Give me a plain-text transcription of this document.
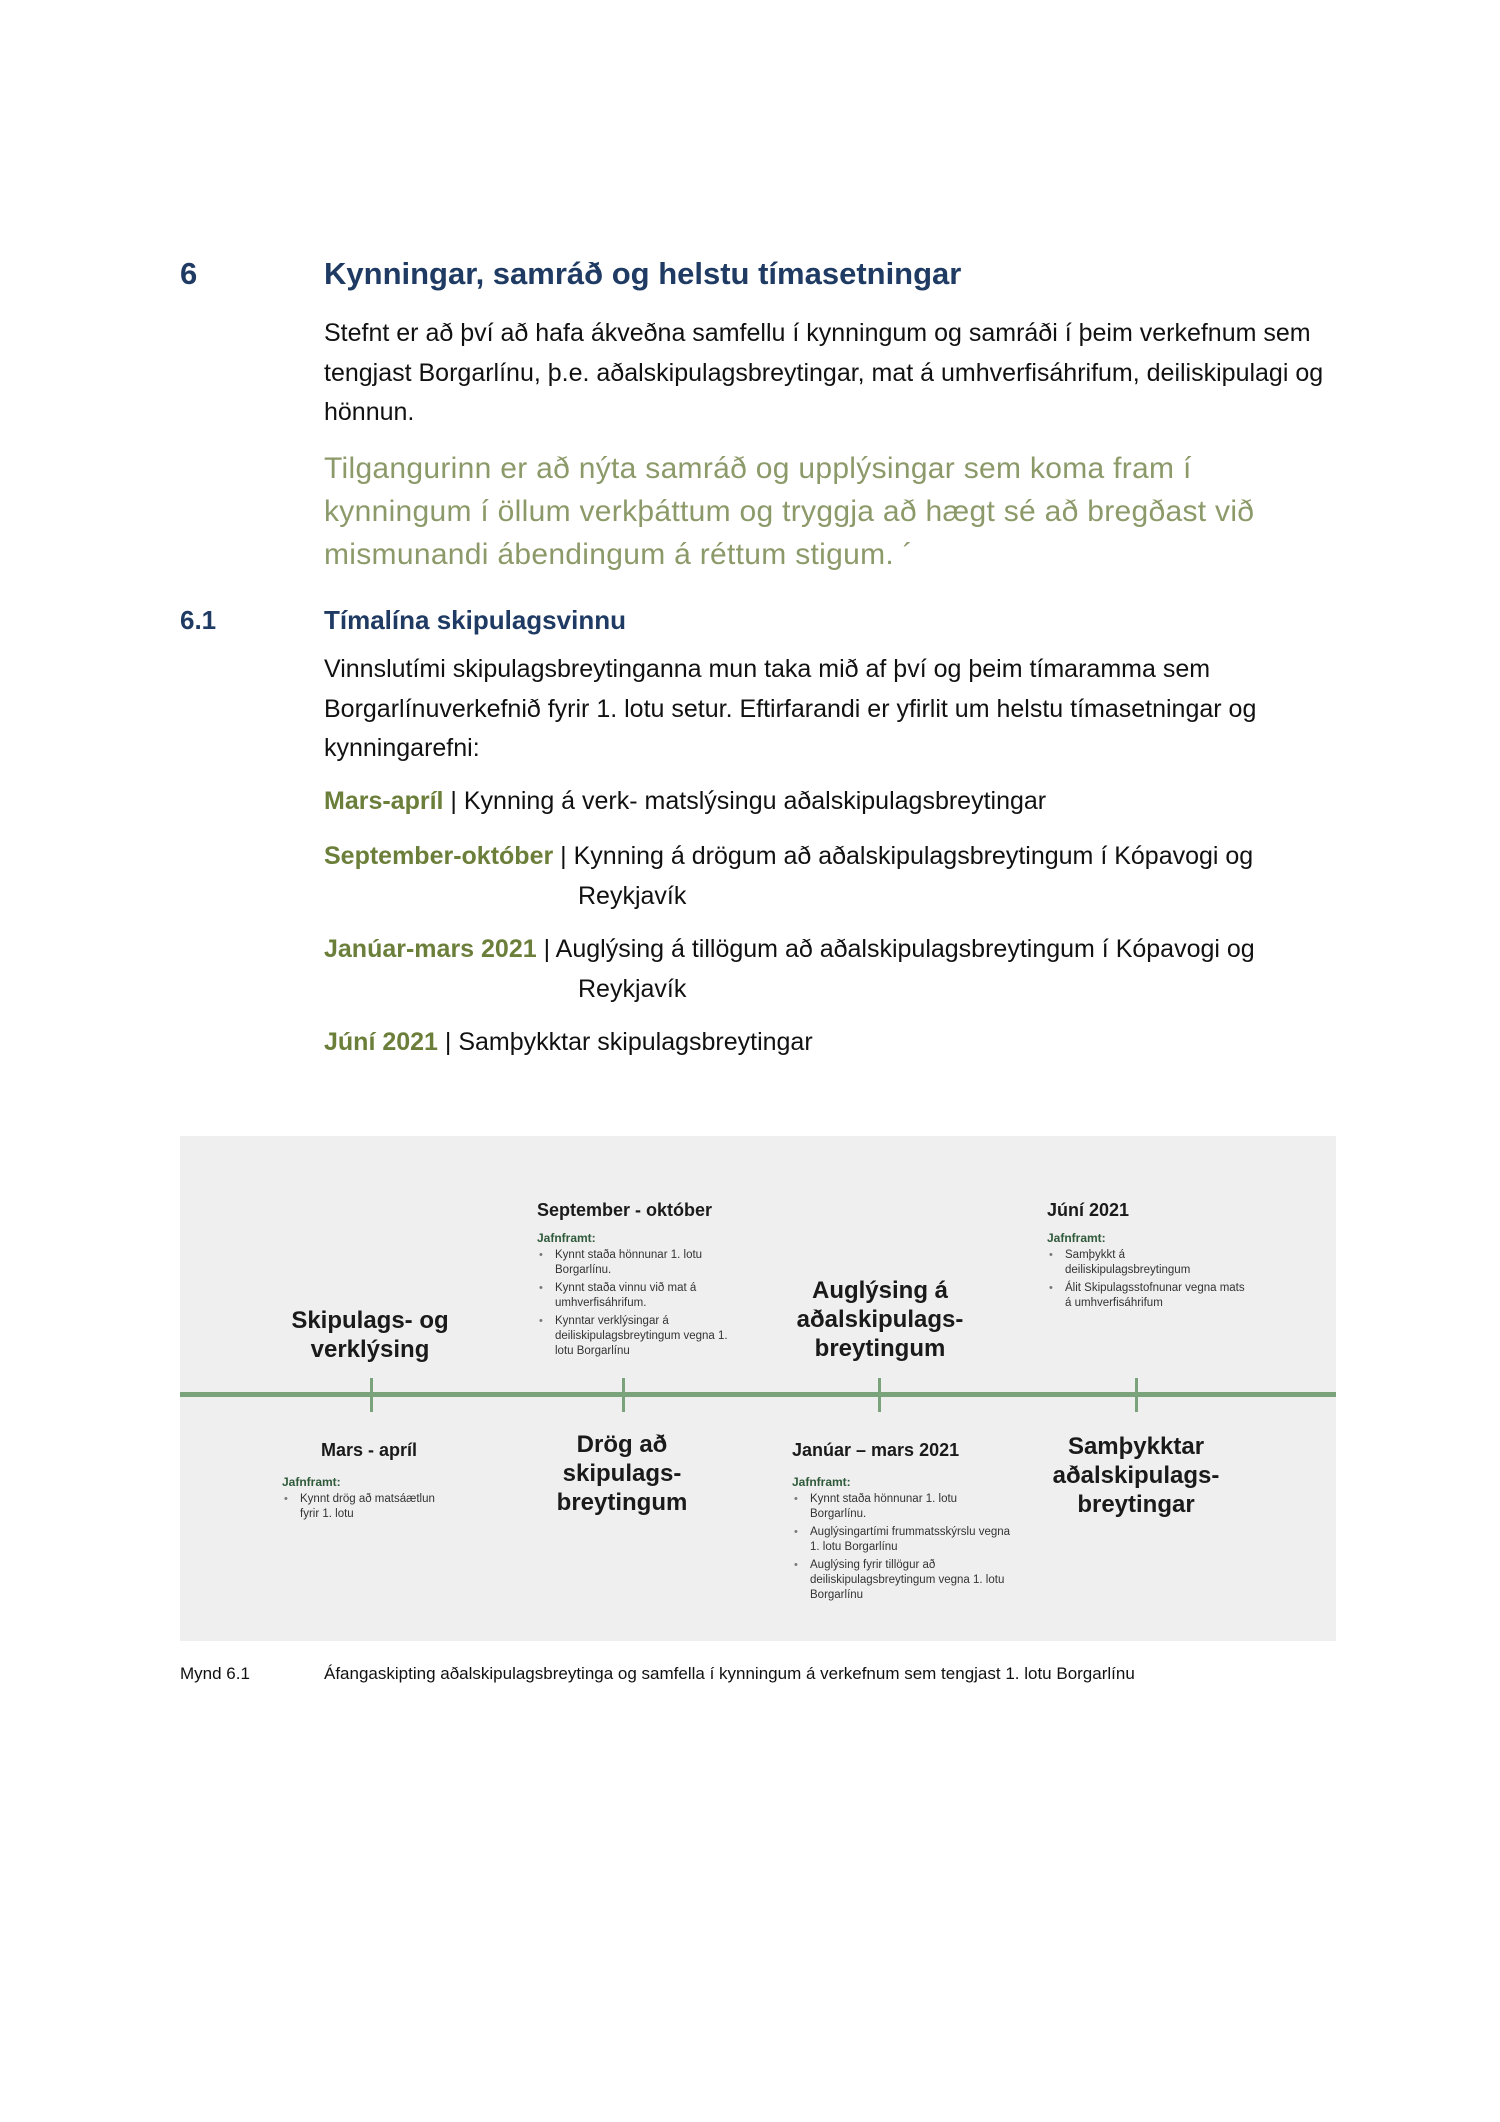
6	Kynningar, samráð og helstu tímasetningar
Stefnt er að því að hafa ákveðna samfellu í kynningum og samráði í þeim verkefnum sem tengjast Borgarlínu, þ.e. aðalskipulagsbreytingar, mat á umhverfisáhrifum, deiliskipulagi og hönnun.
Tilgangurinn er að nýta samráð og upplýsingar sem koma fram í kynningum í öllum verkþáttum og tryggja að hægt sé að bregðast við mismunandi ábendingum á réttum stigum. ´
6.1	Tímalína skipulagsvinnu
Vinnslutími skipulagsbreytinganna mun taka mið af því og þeim tímaramma sem Borgarlínuverkefnið fyrir 1. lotu setur. Eftirfarandi er yfirlit um helstu tímasetningar og kynningarefni:
Mars-apríl | Kynning á verk- matslýsingu aðalskipulagsbreytingar
September-október | Kynning á drögum að aðalskipulagsbreytingum í Kópavogi og
Reykjavík
Janúar-mars 2021 | Auglýsing á tillögum að aðalskipulagsbreytingum í Kópavogi og
Reykjavík
Júní 2021 | Samþykktar skipulagsbreytingar
September - október
Jafnframt:
• Kynnt staða hönnunar 1. lotu Borgarlínu.
• Kynnt staða vinnu við mat á umhverfisáhrifum.
• Kynntar verklýsingar á deiliskipulagsbreytingum vegna 1. lotu Borgarlínu
Júní 2021
Jafnframt:
• Samþykkt á deiliskipulagsbreytingum
• Álit Skipulagsstofnunar vegna mats á umhverfisáhrifum
Skipulags- og
verklýsing
Auglýsing á
aðalskipulags-
breytingum
Mars - apríl
Jafnframt:
• Kynnt drög að matsáætlun fyrir 1. lotu
Drög að
skipulags-
breytingum
Janúar – mars 2021
Jafnframt:
• Kynnt staða hönnunar 1. lotu Borgarlínu.
• Auglýsingartími frummatsskýrslu vegna 1. lotu Borgarlínu
• Auglýsing fyrir tillögur að deiliskipulagsbreytingum vegna 1. lotu Borgarlínu
Samþykktar
aðalskipulags-
breytingar
Mynd 6.1	Áfangaskipting aðalskipulagsbreytinga og samfella í kynningum á verkefnum sem tengjast 1. lotu Borgarlínu
